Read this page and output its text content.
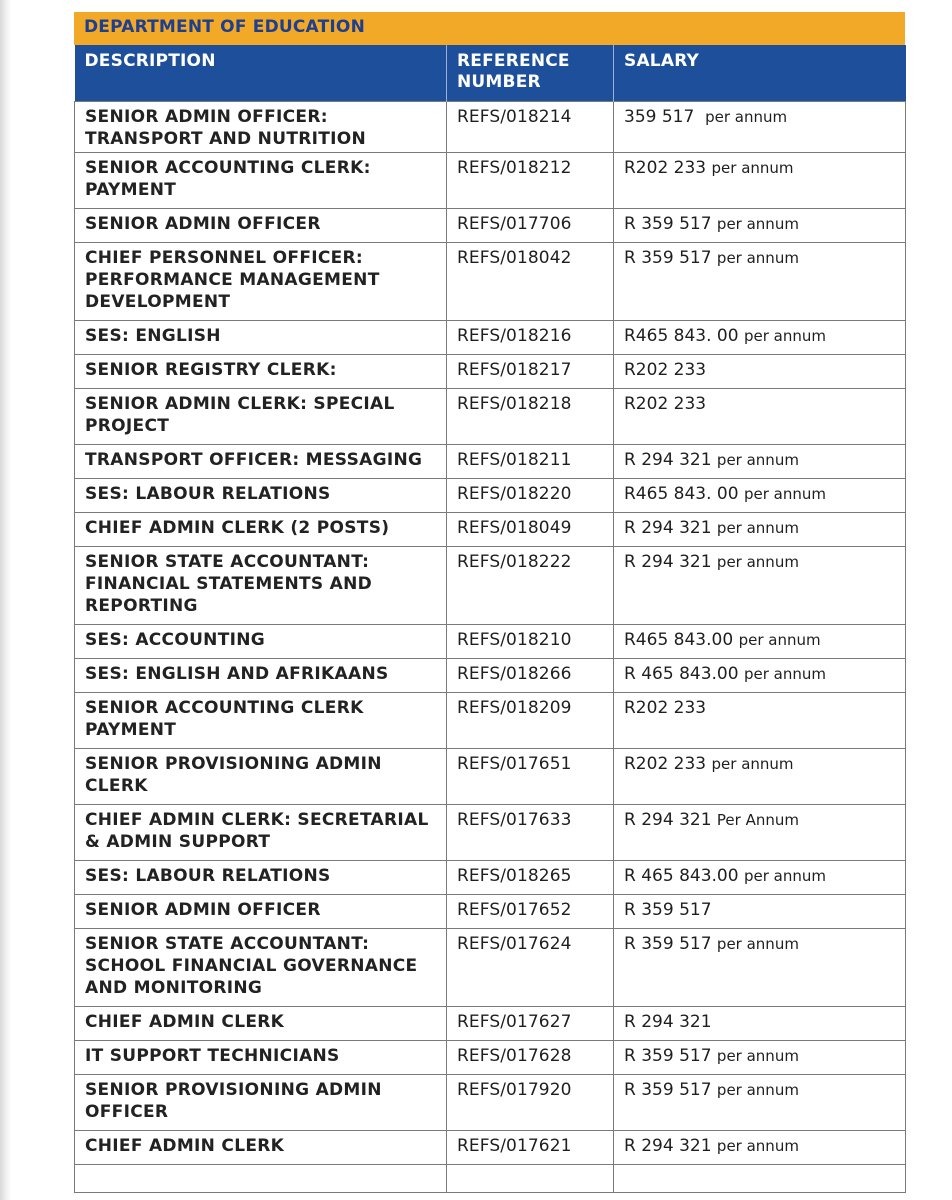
DEPARTMENT OF EDUCATION
DESCRIPTION	REFERENCE NUMBER	SALARY
SENIOR ADMIN OFFICER: TRANSPORT AND NUTRITION	REFS/018214	359 517 per annum
SENIOR ACCOUNTING CLERK: PAYMENT	REFS/018212	R202 233 per annum
SENIOR ADMIN OFFICER	REFS/017706	R 359 517 per annum
CHIEF PERSONNEL OFFICER: PERFORMANCE MANAGEMENT DEVELOPMENT	REFS/018042	R 359 517 per annum
SES: ENGLISH	REFS/018216	R465 843. 00 per annum
SENIOR REGISTRY CLERK:	REFS/018217	R202 233
SENIOR ADMIN CLERK: SPECIAL PROJECT	REFS/018218	R202 233
TRANSPORT OFFICER: MESSAGING	REFS/018211	R 294 321 per annum
SES: LABOUR RELATIONS	REFS/018220	R465 843. 00 per annum
CHIEF ADMIN CLERK (2 POSTS)	REFS/018049	R 294 321 per annum
SENIOR STATE ACCOUNTANT: FINANCIAL STATEMENTS AND REPORTING	REFS/018222	R 294 321 per annum
SES: ACCOUNTING	REFS/018210	R465 843.00 per annum
SES: ENGLISH AND AFRIKAANS	REFS/018266	R 465 843.00 per annum
SENIOR ACCOUNTING CLERK PAYMENT	REFS/018209	R202 233
SENIOR PROVISIONING ADMIN CLERK	REFS/017651	R202 233 per annum
CHIEF ADMIN CLERK: SECRETARIAL & ADMIN SUPPORT	REFS/017633	R 294 321 Per Annum
SES: LABOUR RELATIONS	REFS/018265	R 465 843.00 per annum
SENIOR ADMIN OFFICER	REFS/017652	R 359 517
SENIOR STATE ACCOUNTANT: SCHOOL FINANCIAL GOVERNANCE AND MONITORING	REFS/017624	R 359 517 per annum
CHIEF ADMIN CLERK	REFS/017627	R 294 321
IT SUPPORT TECHNICIANS	REFS/017628	R 359 517 per annum
SENIOR PROVISIONING ADMIN OFFICER	REFS/017920	R 359 517 per annum
CHIEF ADMIN CLERK	REFS/017621	R 294 321 per annum
